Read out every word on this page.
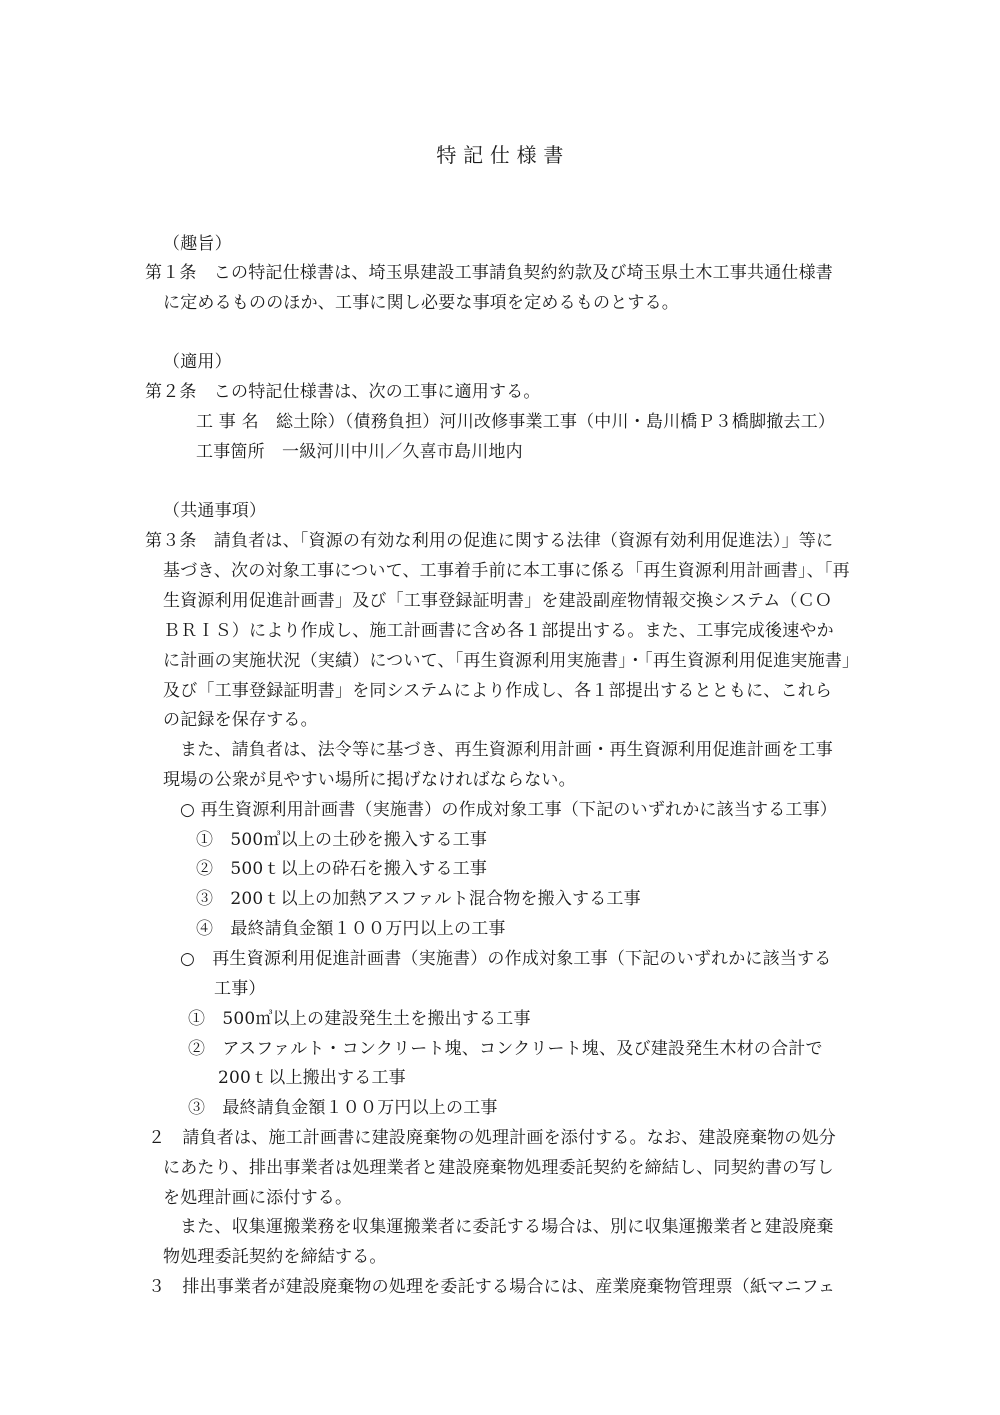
特 記 仕 様 書
（趣旨）
第１条　この特記仕様書は、埼玉県建設工事請負契約約款及び埼玉県土木工事共通仕様書
に定めるもののほか、工事に関し必要な事項を定めるものとする。
（適用）
第２条　この特記仕様書は、次の工事に適用する。
工 事 名　総土除）（債務負担）河川改修事業工事（中川・島川橋Ｐ３橋脚撤去工）
工事箇所　一級河川中川／久喜市島川地内
（共通事項）
第３条　請負者は、「資源の有効な利用の促進に関する法律（資源有効利用促進法）」等に
基づき、次の対象工事について、工事着手前に本工事に係る「再生資源利用計画書」、「再
生資源利用促進計画書」及び「工事登録証明書」を建設副産物情報交換システム（ＣＯ
ＢＲＩＳ）により作成し、施工計画書に含め各１部提出する。また、工事完成後速やか
に計画の実施状況（実績）について、「再生資源利用実施書」・「再生資源利用促進実施書」
及び「工事登録証明書」を同システムにより作成し、各１部提出するとともに、これら
の記録を保存する。
また、請負者は、法令等に基づき、再生資源利用計画・再生資源利用促進計画を工事
現場の公衆が見やすい場所に掲げなければならない。
○ 再生資源利用計画書（実施書）の作成対象工事（下記のいずれかに該当する工事）
①　500㎥以上の土砂を搬入する工事
②　500ｔ以上の砕石を搬入する工事
③　200ｔ以上の加熱アスファルト混合物を搬入する工事
④　最終請負金額１００万円以上の工事
○　再生資源利用促進計画書（実施書）の作成対象工事（下記のいずれかに該当する
工事）
①　500㎥以上の建設発生土を搬出する工事
②　アスファルト・コンクリート塊、コンクリート塊、及び建設発生木材の合計で
200ｔ以上搬出する工事
③　最終請負金額１００万円以上の工事
２　請負者は、施工計画書に建設廃棄物の処理計画を添付する。なお、建設廃棄物の処分
にあたり、排出事業者は処理業者と建設廃棄物処理委託契約を締結し、同契約書の写し
を処理計画に添付する。
また、収集運搬業務を収集運搬業者に委託する場合は、別に収集運搬業者と建設廃棄
物処理委託契約を締結する。
３　排出事業者が建設廃棄物の処理を委託する場合には、産業廃棄物管理票（紙マニフェ
